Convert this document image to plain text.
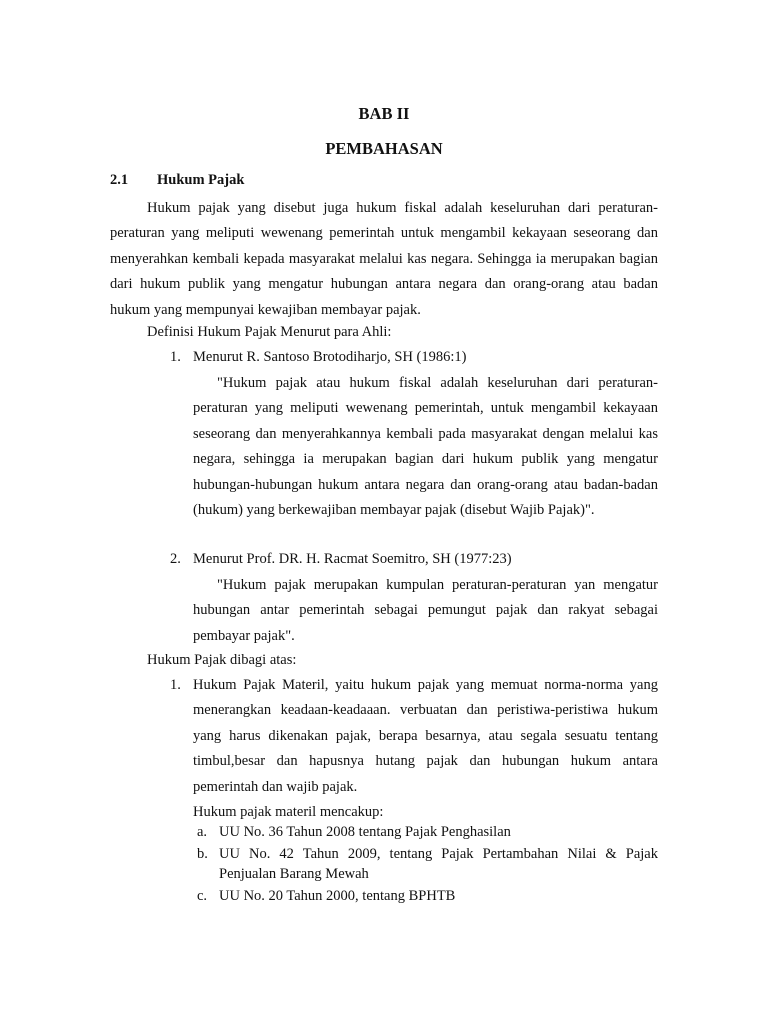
BAB II
PEMBAHASAN
2.1 Hukum Pajak

Hukum pajak yang disebut juga hukum fiskal adalah keseluruhan dari peraturan-peraturan yang meliputi wewenang pemerintah untuk mengambil kekayaan seseorang dan menyerahkan kembali kepada masyarakat melalui kas negara. Sehingga ia merupakan bagian dari hukum publik yang mengatur hubungan antara negara dan orang-orang atau badan hukum yang mempunyai kewajiban membayar pajak.

Definisi Hukum Pajak Menurut para Ahli:
1. Menurut R. Santoso Brotodiharjo, SH (1986:1)

"Hukum pajak atau hukum fiskal adalah keseluruhan dari peraturan-peraturan yang meliputi wewenang pemerintah, untuk mengambil kekayaan seseorang dan menyerahkannya kembali pada masyarakat dengan melalui kas negara, sehingga ia merupakan bagian dari hukum publik yang mengatur hubungan-hubungan hukum antara negara dan orang-orang atau badan-badan (hukum) yang berkewajiban membayar pajak (disebut Wajib Pajak)".

2. Menurut Prof. DR. H. Racmat Soemitro, SH (1977:23)

"Hukum pajak merupakan kumpulan peraturan-peraturan yan mengatur hubungan antar pemerintah sebagai pemungut pajak dan rakyat sebagai pembayar pajak".

Hukum Pajak dibagi atas:
1. Hukum Pajak Materil, yaitu hukum pajak yang memuat norma-norma yang menerangkan keadaan-keadaaan. verbuatan dan peristiwa-peristiwa hukum yang harus dikenakan pajak, berapa besarnya, atau segala sesuatu tentang timbul,besar dan hapusnya hutang pajak dan hubungan hukum antara pemerintah dan wajib pajak.

Hukum pajak materil mencakup:
a. UU No. 36 Tahun 2008 tentang Pajak Penghasilan
b. UU No. 42 Tahun 2009, tentang Pajak Pertambahan Nilai & Pajak Penjualan Barang Mewah
c. UU No. 20 Tahun 2000, tentang BPHTB
